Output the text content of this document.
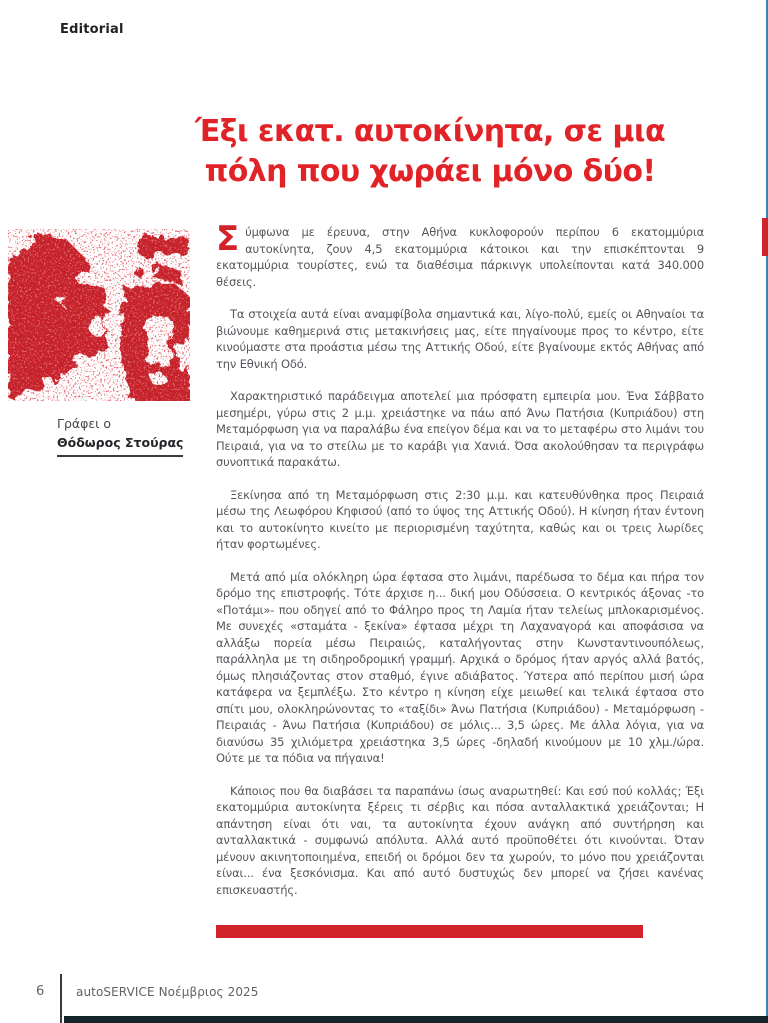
Editorial
Έξι εκατ. αυτοκίνητα, σε μια
πόλη που χωράει μόνο δύο!
Γράφει ο
Θόδωρος Στούρας

Σύμφωνα με έρευνα, στην Αθήνα κυκλοφορούν περίπου 6 εκατομμύρια αυτοκίνητα, ζουν 4,5 εκατομμύρια κάτοικοι και την επισκέπτονται 9 εκατομμύρια τουρίστες, ενώ τα διαθέσιμα πάρκινγκ υπολείπονται κατά 340.000 θέσεις.

Τα στοιχεία αυτά είναι αναμφίβολα σημαντικά και, λίγο-πολύ, εμείς οι Αθηναίοι τα βιώνουμε καθημερινά στις μετακινήσεις μας, είτε πηγαίνουμε προς το κέντρο, είτε κινούμαστε στα προάστια μέσω της Αττικής Οδού, είτε βγαίνουμε εκτός Αθήνας από την Εθνική Οδό.

Χαρακτηριστικό παράδειγμα αποτελεί μια πρόσφατη εμπειρία μου. Ένα Σάββατο μεσημέρι, γύρω στις 2 μ.μ. χρειάστηκε να πάω από Άνω Πατήσια (Κυπριάδου) στη Μεταμόρφωση για να παραλάβω ένα επείγον δέμα και να το μεταφέρω στο λιμάνι του Πειραιά, για να το στείλω με το καράβι για Χανιά. Όσα ακολούθησαν τα περιγράφω συνοπτικά παρακάτω.

Ξεκίνησα από τη Μεταμόρφωση στις 2:30 μ.μ. και κατευθύνθηκα προς Πειραιά μέσω της Λεωφόρου Κηφισού (από το ύψος της Αττικής Οδού). Η κίνηση ήταν έντονη και το αυτοκίνητο κινείτο με περιορισμένη ταχύτητα, καθώς και οι τρεις λωρίδες ήταν φορτωμένες.

Μετά από μία ολόκληρη ώρα έφτασα στο λιμάνι, παρέδωσα το δέμα και πήρα τον δρόμο της επιστροφής. Τότε άρχισε η... δική μου Οδύσσεια. Ο κεντρικός άξονας -το «Ποτάμι»- που οδηγεί από το Φάληρο προς τη Λαμία ήταν τελείως μπλοκαρισμένος. Με συνεχές «σταμάτα - ξεκίνα» έφτασα μέχρι τη Λαχαναγορά και αποφάσισα να αλλάξω πορεία μέσω Πειραιώς, καταλήγοντας στην Κωνσταντινουπόλεως, παράλληλα με τη σιδηροδρομική γραμμή. Αρχικά ο δρόμος ήταν αργός αλλά βατός, όμως πλησιάζοντας στον σταθμό, έγινε αδιάβατος. Ύστερα από περίπου μισή ώρα κατάφερα να ξεμπλέξω. Στο κέντρο η κίνηση είχε μειωθεί και τελικά έφτασα στο σπίτι μου, ολοκληρώνοντας το «ταξίδι» Άνω Πατήσια (Κυπριάδου) - Μεταμόρφωση - Πειραιάς - Άνω Πατήσια (Κυπριάδου) σε μόλις... 3,5 ώρες. Με άλλα λόγια, για να διανύσω 35 χιλιόμετρα χρειάστηκα 3,5 ώρες -δηλαδή κινούμουν με 10 χλμ./ώρα. Ούτε με τα πόδια να πήγαινα!

Κάποιος που θα διαβάσει τα παραπάνω ίσως αναρωτηθεί: Και εσύ πού κολλάς; Έξι εκατομμύρια αυτοκίνητα ξέρεις τι σέρβις και πόσα ανταλλακτικά χρειάζονται; Η απάντηση είναι ότι ναι, τα αυτοκίνητα έχουν ανάγκη από συντήρηση και ανταλλακτικά - συμφωνώ απόλυτα. Αλλά αυτό προϋποθέτει ότι κινούνται. Όταν μένουν ακινητοποιημένα, επειδή οι δρόμοι δεν τα χωρούν, το μόνο που χρειάζονται είναι... ένα ξεσκόνισμα. Και από αυτό δυστυχώς δεν μπορεί να ζήσει κανένας επισκευαστής.

6	autoSERVICE Νοέμβριος 2025
